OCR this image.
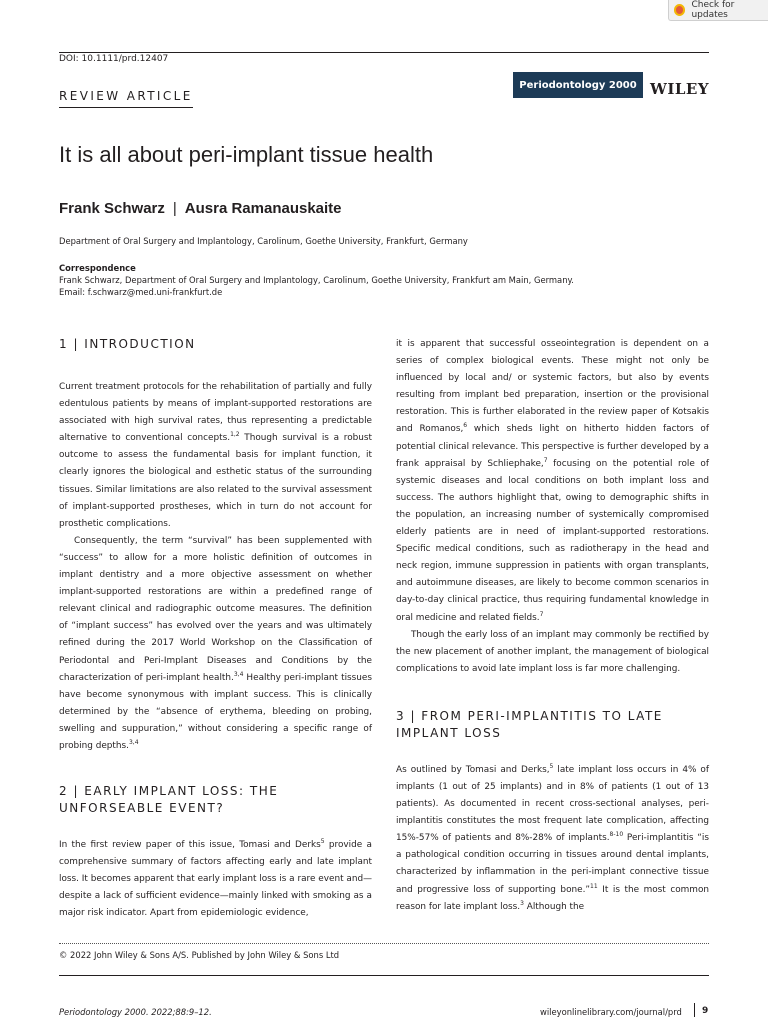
Check for updates
DOI: 10.1111/prd.12407
REVIEW ARTICLE
Periodontology 2000 WILEY
It is all about peri-implant tissue health
Frank Schwarz | Ausra Ramanauskaite
Department of Oral Surgery and Implantology, Carolinum, Goethe University, Frankfurt, Germany
Correspondence
Frank Schwarz, Department of Oral Surgery and Implantology, Carolinum, Goethe University, Frankfurt am Main, Germany.
Email: f.schwarz@med.uni-frankfurt.de
1 | INTRODUCTION

Current treatment protocols for the rehabilitation of partially and fully edentulous patients by means of implant-supported restorations are associated with high survival rates, thus representing a predictable alternative to conventional concepts.$^{1,2}$ Though survival is a robust outcome to assess the fundamental basis for implant function, it clearly ignores the biological and esthetic status of the surrounding tissues. Similar limitations are also related to the survival assessment of implant-supported prostheses, which in turn do not account for prosthetic complications.

Consequently, the term “survival” has been supplemented with “success” to allow for a more holistic definition of outcomes in implant dentistry and a more objective assessment on whether implant-supported restorations are within a predefined range of relevant clinical and radiographic outcome measures. The definition of “implant success” has evolved over the years and was ultimately refined during the 2017 World Workshop on the Classification of Periodontal and Peri-Implant Diseases and Conditions by the characterization of peri-implant health.$^{3,4}$ Healthy peri-implant tissues have become synonymous with implant success. This is clinically determined by the “absence of erythema, bleeding on probing, swelling and suppuration,” without considering a specific range of probing depths.$^{3,4}$

2 | EARLY IMPLANT LOSS: THE
UNFORSEABLE EVENT?

In the first review paper of this issue, Tomasi and Derks$^5$ provide a comprehensive summary of factors affecting early and late implant loss. It becomes apparent that early implant loss is a rare event and—despite a lack of sufficient evidence—mainly linked with smoking as a major risk indicator. Apart from epidemiologic evidence,

it is apparent that successful osseointegration is dependent on a series of complex biological events. These might not only be influenced by local and/ or systemic factors, but also by events resulting from implant bed preparation, insertion or the provisional restoration. This is further elaborated in the review paper of Kotsakis and Romanos,$^6$ which sheds light on hitherto hidden factors of potential clinical relevance. This perspective is further developed by a frank appraisal by Schliephake,$^7$ focusing on the potential role of systemic diseases and local conditions on both implant loss and success. The authors highlight that, owing to demographic shifts in the population, an increasing number of systemically compromised elderly patients are in need of implant-supported restorations. Specific medical conditions, such as radiotherapy in the head and neck region, immune suppression in patients with organ transplants, and autoimmune diseases, are likely to become common scenarios in day-to-day clinical practice, thus requiring fundamental knowledge in oral medicine and related fields.$^7$

Though the early loss of an implant may commonly be rectified by the new placement of another implant, the management of biological complications to avoid late implant loss is far more challenging.

3 | FROM PERI-IMPLANTITIS TO LATE
IMPLANT LOSS

As outlined by Tomasi and Derks,$^5$ late implant loss occurs in 4% of implants (1 out of 25 implants) and in 8% of patients (1 out of 13 patients). As documented in recent cross-sectional analyses, peri-implantitis constitutes the most frequent late complication, affecting 15%-57% of patients and 8%-28% of implants.$^{8-10}$ Peri-implantitis “is a pathological condition occurring in tissues around dental implants, characterized by inflammation in the peri-implant connective tissue and progressive loss of supporting bone.”$^{11}$ It is the most common reason for late implant loss.$^3$ Although the

© 2022 John Wiley & Sons A/S. Published by John Wiley & Sons Ltd
Periodontology 2000. 2022;88:9–12.	wileyonlinelibrary.com/journal/prd 9
